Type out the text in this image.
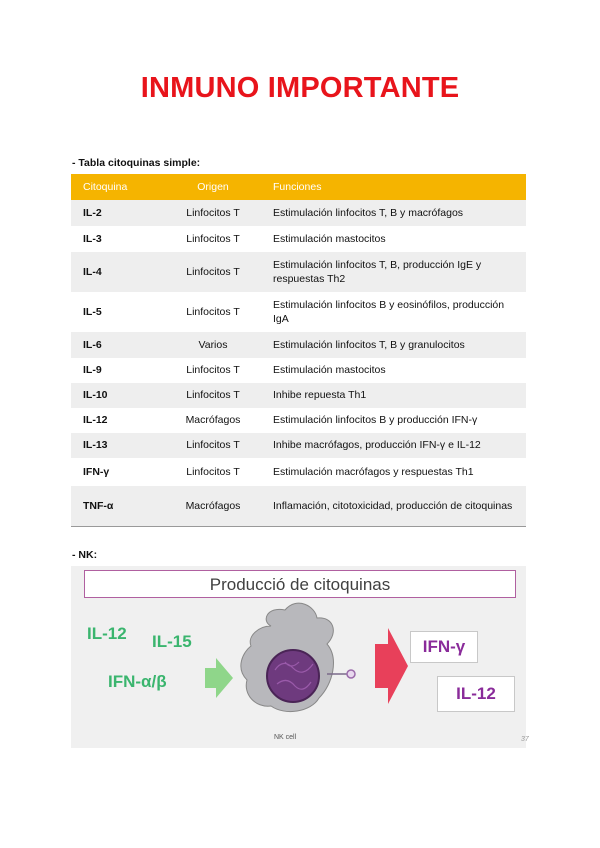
INMUNO IMPORTANTE
- Tabla citoquinas simple:
Citoquina	Origen	Funciones
IL-2	Linfocitos T	Estimulación linfocitos T, B y macrófagos
IL-3	Linfocitos T	Estimulación mastocitos
IL-4	Linfocitos T	Estimulación linfocitos T, B, producción IgE y respuestas Th2
IL-5	Linfocitos T	Estimulación linfocitos B y eosinófilos, producción IgA
IL-6	Varios	Estimulación linfocitos T, B y granulocitos
IL-9	Linfocitos T	Estimulación mastocitos
IL-10	Linfocitos T	Inhibe repuesta Th1
IL-12	Macrófagos	Estimulación linfocitos B y producción IFN-γ
IL-13	Linfocitos T	Inhibe macrófagos, producción IFN-γ e IL-12
IFN-γ	Linfocitos T	Estimulación macrófagos y respuestas Th1
TNF-α	Macrófagos	Inflamación, citotoxicidad, producción de citoquinas
- NK:
Producció de citoquinas
IL-12 IL-15
IFN-α/β
IFN-γ
IL-12
NK cell	37
